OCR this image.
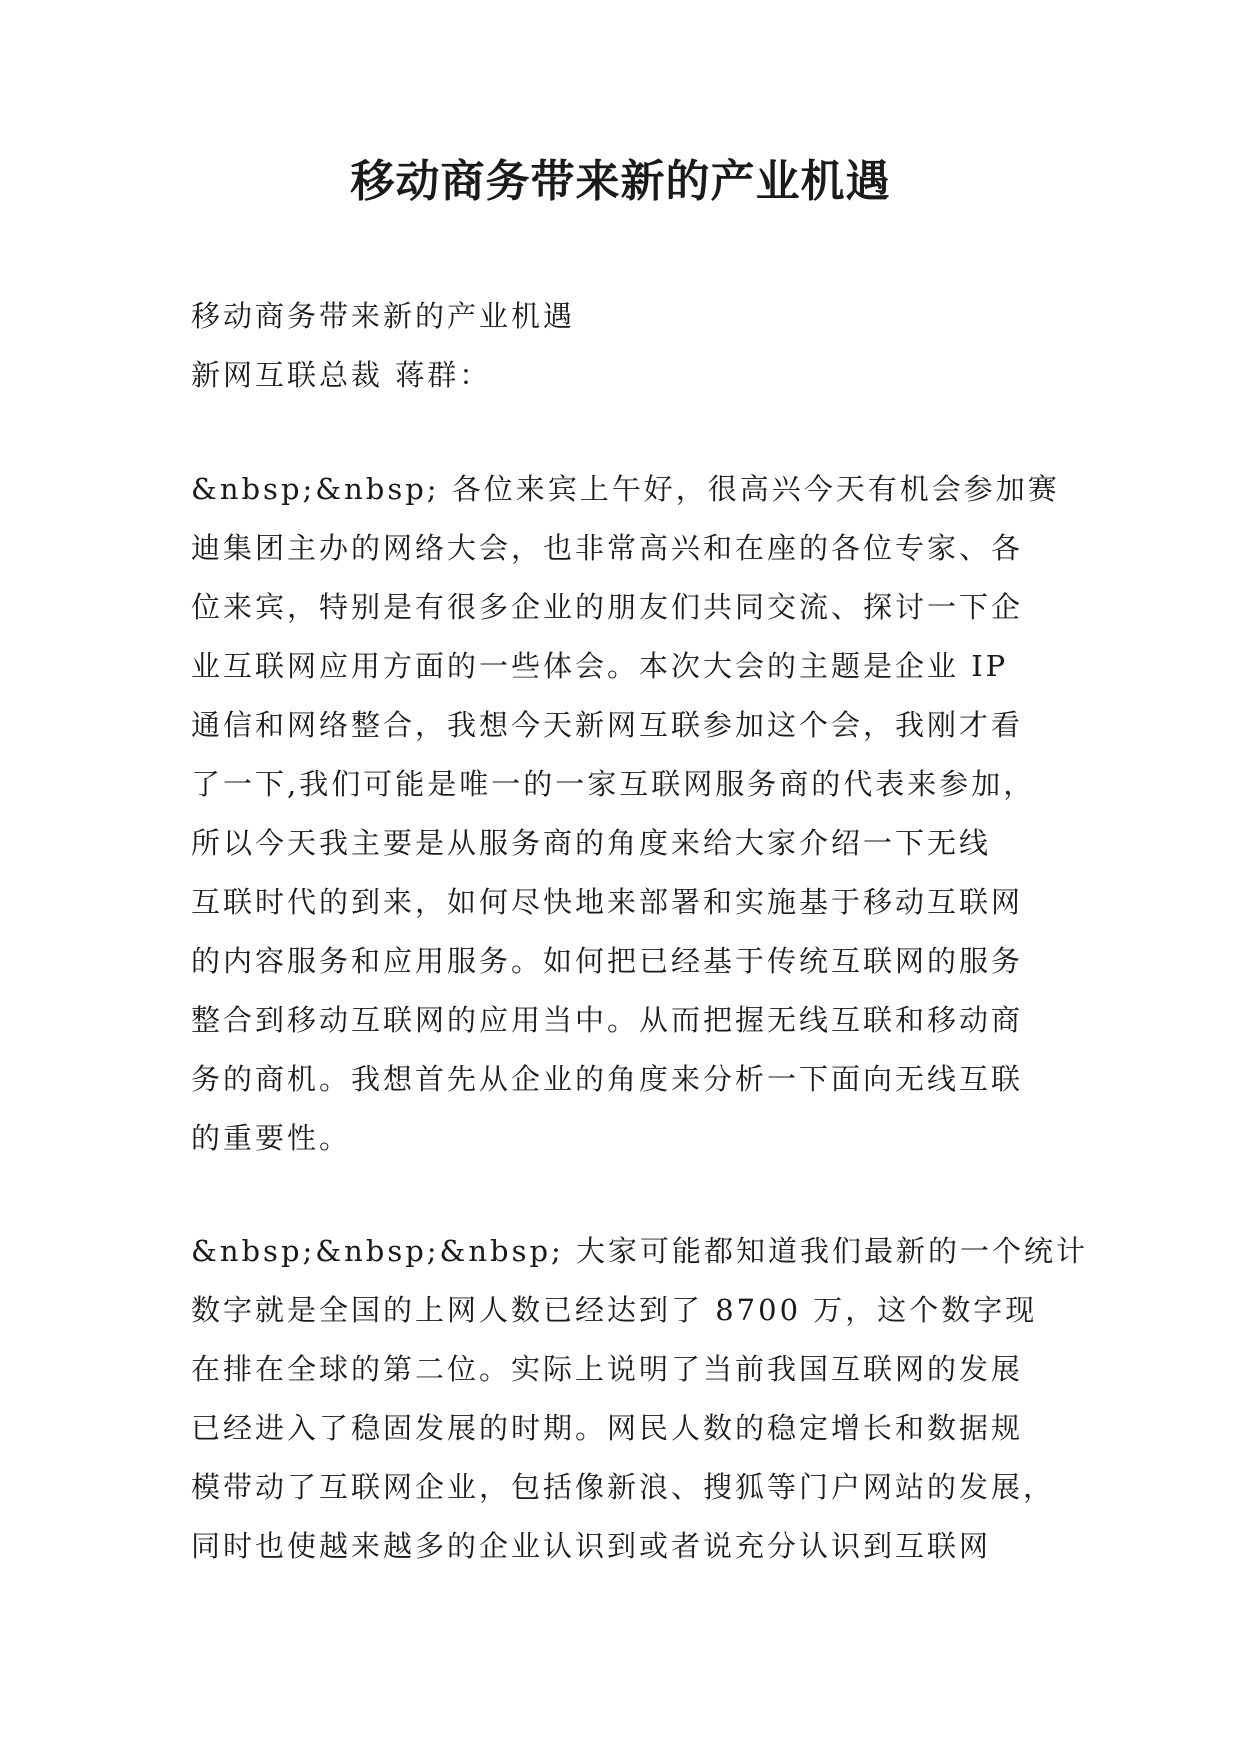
移动商务带来新的产业机遇
移动商务带来新的产业机遇
新网互联总裁 蒋群：
&nbsp;&nbsp; 各位来宾上午好，很高兴今天有机会参加赛
迪集团主办的网络大会，也非常高兴和在座的各位专家、各
位来宾，特别是有很多企业的朋友们共同交流、探讨一下企
业互联网应用方面的一些体会。本次大会的主题是企业 IP
通信和网络整合，我想今天新网互联参加这个会，我刚才看
了一下,我们可能是唯一的一家互联网服务商的代表来参加，
所以今天我主要是从服务商的角度来给大家介绍一下无线
互联时代的到来，如何尽快地来部署和实施基于移动互联网
的内容服务和应用服务。如何把已经基于传统互联网的服务
整合到移动互联网的应用当中。从而把握无线互联和移动商
务的商机。我想首先从企业的角度来分析一下面向无线互联
的重要性。
&nbsp;&nbsp;&nbsp; 大家可能都知道我们最新的一个统计
数字就是全国的上网人数已经达到了 8700 万，这个数字现
在排在全球的第二位。实际上说明了当前我国互联网的发展
已经进入了稳固发展的时期。网民人数的稳定增长和数据规
模带动了互联网企业，包括像新浪、搜狐等门户网站的发展，
同时也使越来越多的企业认识到或者说充分认识到互联网
